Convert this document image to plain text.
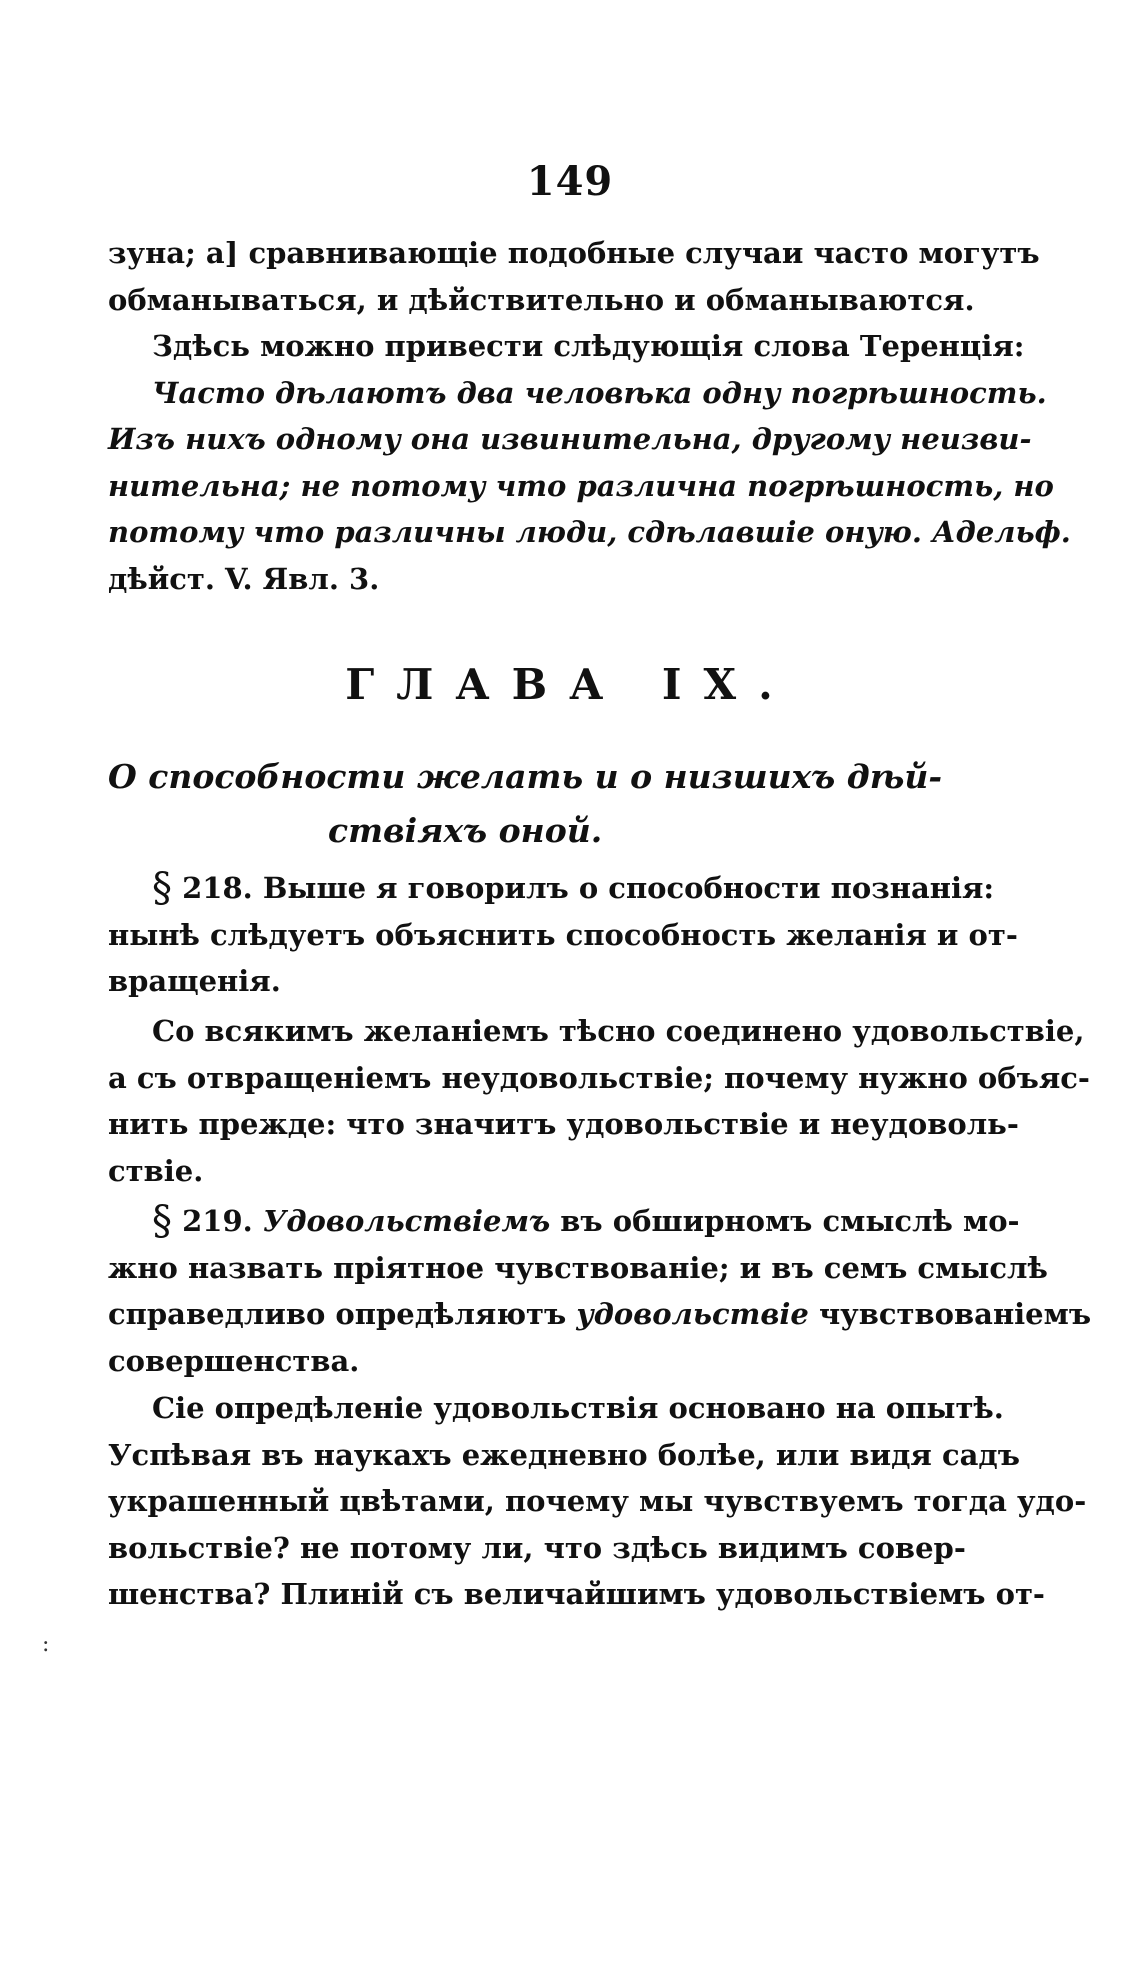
149
зуна; а] сравнивающіе подобные случаи часто могутъ
обманываться, и дѣйствительно и обманываются.
Здѣсь можно привести слѣдующія слова Теренція:
Часто дѣлаютъ два человѣка одну погрѣшность.
Изъ нихъ одному она извинительна, другому неизви-
нительна; не потому что различна погрѣшность, но
потому что различны люди, сдѣлавшіе оную. Адельф.
дѣйст. V. Явл. 3.
ГЛАВА IX.
О способности желать и о низшихъ дѣй-
ствіяхъ оной.
§ 218. Выше я говорилъ о способности познанія:
нынѣ слѣдуетъ объяснить способность желанія и от-
вращенія.
Со всякимъ желаніемъ тѣсно соединено удовольствіе,
а съ отвращеніемъ неудовольствіе; почему нужно объяс-
нить прежде: что значитъ удовольствіе и неудоволь-
ствіе.
§ 219. Удовольствіемъ въ обширномъ смыслѣ мо-
жно назвать пріятное чувствованіе; и въ семъ смыслѣ
справедливо опредѣляютъ удовольствіе чувствованіемъ
совершенства.
Сіе опредѣленіе удовольствія основано на опытѣ.
Успѣвая въ наукахъ ежедневно болѣе, или видя садъ
украшенный цвѣтами, почему мы чувствуемъ тогда удо-
вольствіе? не потому ли, что здѣсь видимъ совер-
шенства? Плиній съ величайшимъ удовольствіемъ от-
:
